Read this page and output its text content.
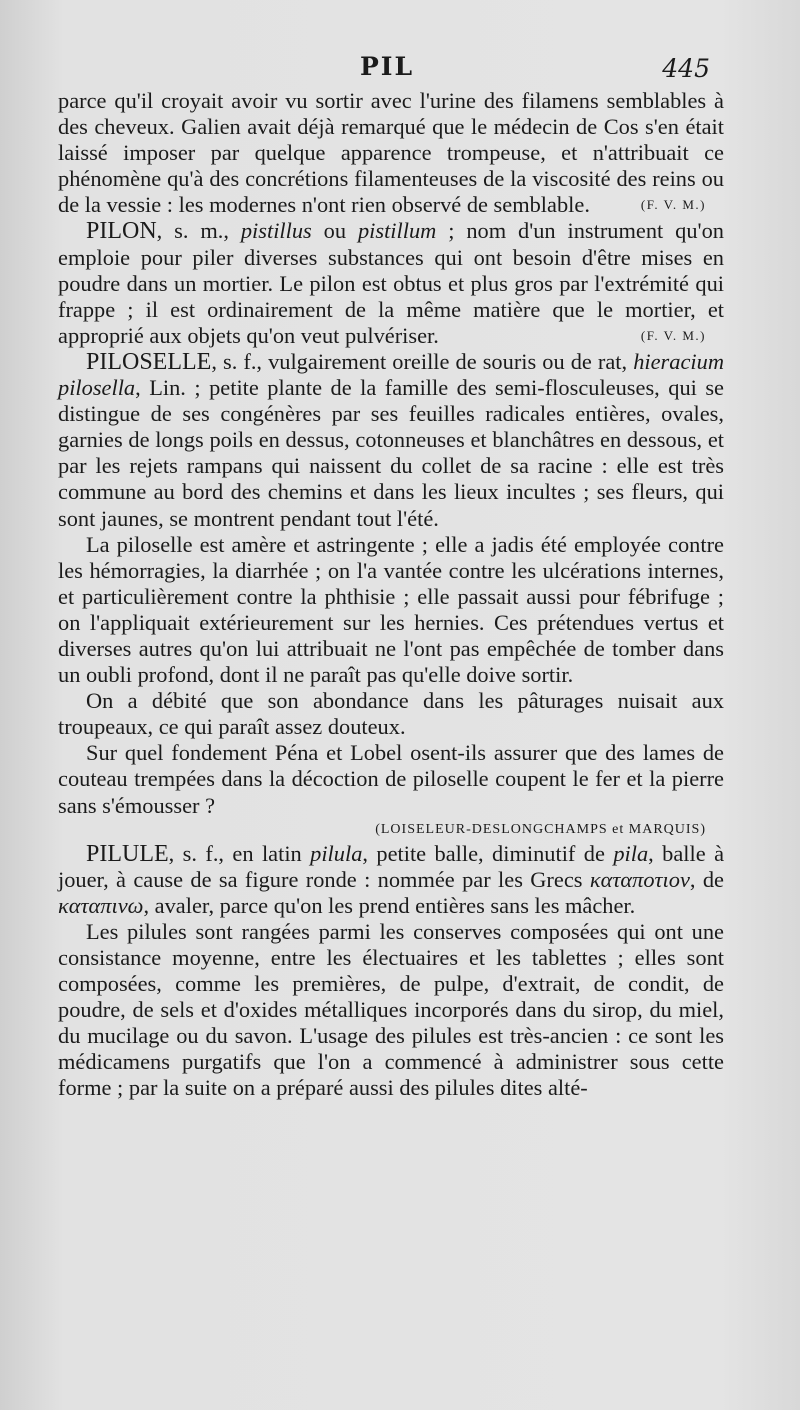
PIL	445

parce qu'il croyait avoir vu sortir avec l'urine des filamens semblables à des cheveux. Galien avait déjà remarqué que le médecin de Cos s'en était laissé imposer par quelque apparence trompeuse, et n'attribuait ce phénomène qu'à des concrétions filamenteuses de la viscosité des reins ou de la vessie : les modernes n'ont rien observé de semblable.	(F. V. M.)

PILON, s. m., pistillus ou pistillum ; nom d'un instrument qu'on emploie pour piler diverses substances qui ont besoin d'être mises en poudre dans un mortier. Le pilon est obtus et plus gros par l'extrémité qui frappe ; il est ordinairement de la même matière que le mortier, et approprié aux objets qu'on veut pulvériser.	(F. V. M.)

PILOSELLE, s. f., vulgairement oreille de souris ou de rat, hieracium pilosella, Lin. ; petite plante de la famille des semi-flosculeuses, qui se distingue de ses congénères par ses feuilles radicales entières, ovales, garnies de longs poils en dessus, cotonneuses et blanchâtres en dessous, et par les rejets rampans qui naissent du collet de sa racine : elle est très commune au bord des chemins et dans les lieux incultes ; ses fleurs, qui sont jaunes, se montrent pendant tout l'été.

La piloselle est amère et astringente ; elle a jadis été employée contre les hémorragies, la diarrhée ; on l'a vantée contre les ulcérations internes, et particulièrement contre la phthisie ; elle passait aussi pour fébrifuge ; on l'appliquait extérieurement sur les hernies. Ces prétendues vertus et diverses autres qu'on lui attribuait ne l'ont pas empêchée de tomber dans un oubli profond, dont il ne paraît pas qu'elle doive sortir.

On a débité que son abondance dans les pâturages nuisait aux troupeaux, ce qui paraît assez douteux.

Sur quel fondement Péna et Lobel osent-ils assurer que des lames de couteau trempées dans la décoction de piloselle coupent le fer et la pierre sans s'émousser ?

(LOISELEUR-DESLONGCHAMPS et MARQUIS)

PILULE, s. f., en latin pilula, petite balle, diminutif de pila, balle à jouer, à cause de sa figure ronde : nommée par les Grecs καταποτιον, de καταπινω, avaler, parce qu'on les prend entières sans les mâcher.

Les pilules sont rangées parmi les conserves composées qui ont une consistance moyenne, entre les électuaires et les tablettes ; elles sont composées, comme les premières, de pulpe, d'extrait, de condit, de poudre, de sels et d'oxides métalliques incorporés dans du sirop, du miel, du mucilage ou du savon. L'usage des pilules est très-ancien : ce sont les médicamens purgatifs que l'on a commencé à administrer sous cette forme ; par la suite on a préparé aussi des pilules dites alté-
